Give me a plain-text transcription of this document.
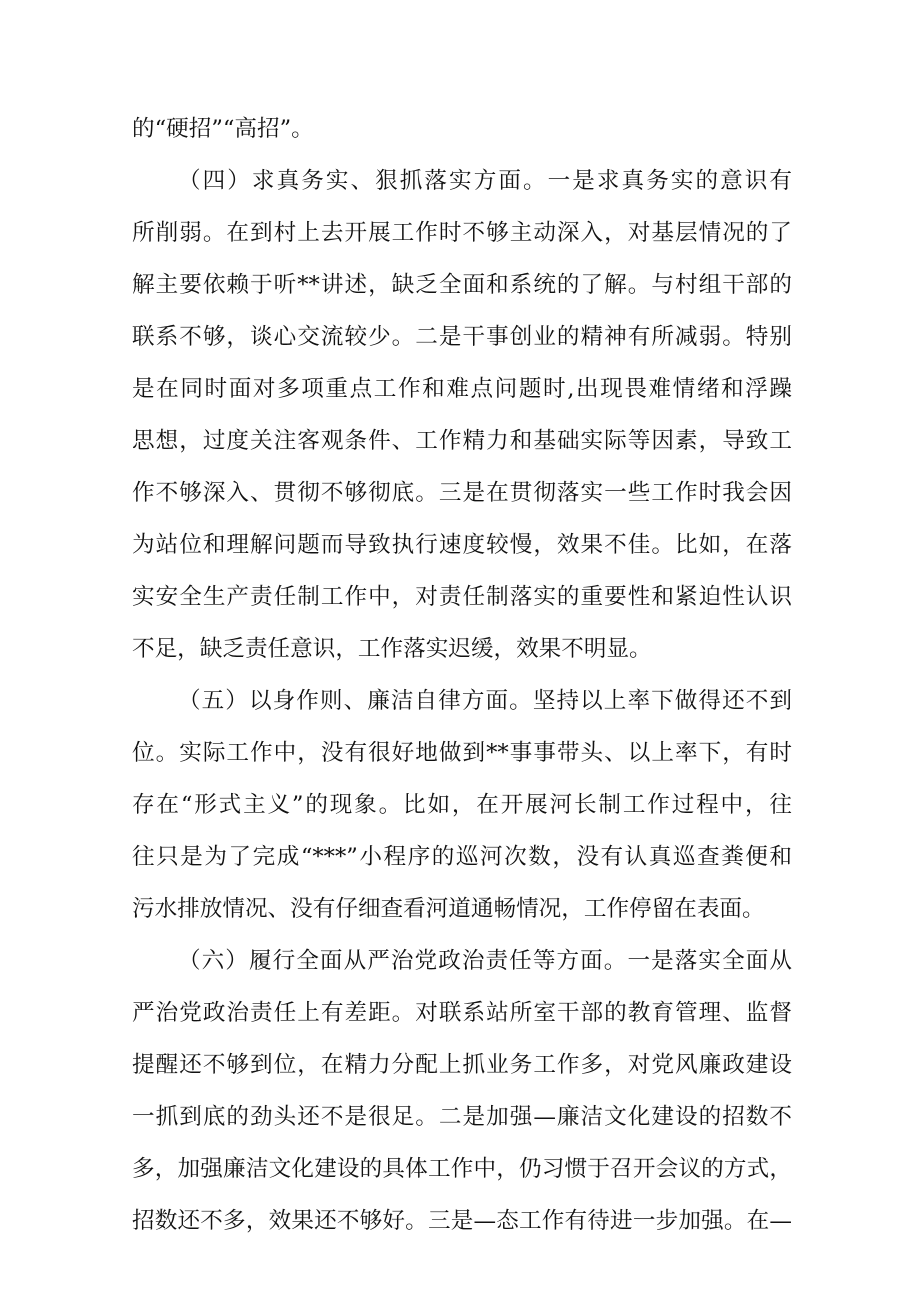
的“硬招”“高招”。
（四）求真务实、狠抓落实方面。一是求真务实的意识有
所削弱。在到村上去开展工作时不够主动深入，对基层情况的了
解主要依赖于听**讲述，缺乏全面和系统的了解。与村组干部的
联系不够，谈心交流较少。二是干事创业的精神有所减弱。特别
是在同时面对多项重点工作和难点问题时,出现畏难情绪和浮躁
思想，过度关注客观条件、工作精力和基础实际等因素，导致工
作不够深入、贯彻不够彻底。三是在贯彻落实一些工作时我会因
为站位和理解问题而导致执行速度较慢，效果不佳。比如，在落
实安全生产责任制工作中，对责任制落实的重要性和紧迫性认识
不足，缺乏责任意识，工作落实迟缓，效果不明显。
（五）以身作则、廉洁自律方面。坚持以上率下做得还不到
位。实际工作中，没有很好地做到**事事带头、以上率下，有时
存在“形式主义”的现象。比如，在开展河长制工作过程中，往
往只是为了完成“***”小程序的巡河次数，没有认真巡查粪便和
污水排放情况、没有仔细查看河道通畅情况，工作停留在表面。
（六）履行全面从严治党政治责任等方面。一是落实全面从
严治党政治责任上有差距。对联系站所室干部的教育管理、监督
提醒还不够到位，在精力分配上抓业务工作多，对党风廉政建设
一抓到底的劲头还不是很足。二是加强—廉洁文化建设的招数不
多，加强廉洁文化建设的具体工作中，仍习惯于召开会议的方式，
招数还不多，效果还不够好。三是—态工作有待进一步加强。在—
